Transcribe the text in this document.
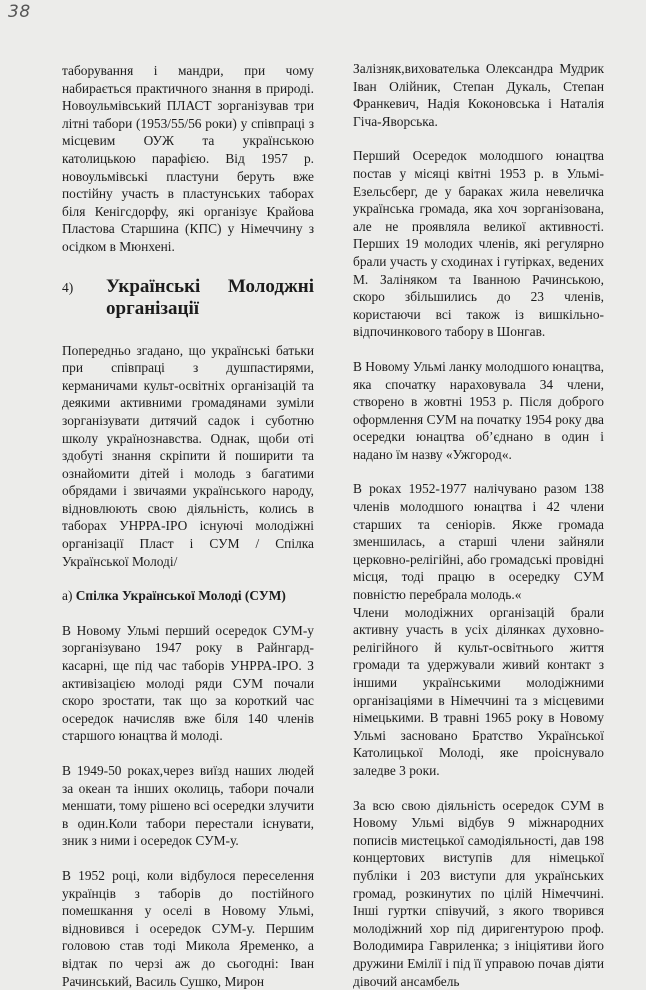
38

таборування і мандри, при чому набирається практичного знання в природі. Новоульмівський ПЛАСТ зорганізував три літні табори (1953/55/56 роки) у співпраці з місцевим ОУЖ та українською католицькою парафією. Від 1957 р. новоульмівські пластуни беруть вже постійну участь в пластунських таборах біля Кенігсдорфу, які організує Крайова Пластова Старшина (КПС) у Німеччину з осідком в Мюнхені.

4)	Українські Молоджні організації

Попередньо згадано, що українські батьки при співпраці з душпастирями, керманичами культ-освітніх організацій та деякими активними громадянами зуміли зорганізувати дитячий садок і суботню школу українознавства. Однак, щоби оті здобуті знання скріпити й поширити та ознайомити дітей і молодь з багатими обрядами і звичаями українського народу, відновлюють свою діяльність, колись в таборах УНРРА-ІРО існуючі молодіжні організації Пласт і СУМ / Спілка Української Молоді/

а) Спілка Української Молоді (СУМ)

В Новому Ульмі перший осередок СУМ-у зорганізувано 1947 року в Райнгард-касарні, ще під час таборів УНРРА-ІРО. З активізацією молоді ряди СУМ почали скоро зростати, так що за короткий час осередок начисляв вже біля 140 членів старшого юнацтва й молоді.

В 1949-50 роках,через виїзд наших людей за океан та інших околиць, табори почали меншати, тому рішено всі осередки злучити в один.Коли табори перестали існувати, зник з ними і осередок СУМ-у.

В 1952 році, коли відбулося переселення українців з таборів до постійного помешкання у оселі в Новому Ульмі, відновився і осередок СУМ-у. Першим головою став тоді Микола Яременко, а відтак по черзі аж до сьогодні: Іван Рачинський, Василь Сушко, Мирон

Залізняк,вихователька Олександра Мудрик Іван Олійник, Степан Дукаль, Степан Франкевич, Надія Коконовська і Наталія Гіча-Яворська.

Перший Осередок молодшого юнацтва постав у місяці квітні 1953 р. в Ульмі-Езельсберг, де у бараках жила невеличка українська громада, яка хоч зорганізована, але не проявляла великої активності. Перших 19 молодих членів, які регулярно брали участь у сходинах і гутірках, ведених М. Заліняком та Іванною Рачинською, скоро збільшились до 23 членів, користаючи всі також із вишкільно-відпочинкового табору в Шонгав.

В Новому Ульмі ланку молодшого юнацтва, яка спочатку нараховувала 34 члени, створено в жовтні 1953 р. Після доброго оформлення СУМ на початку 1954 року два осередки юнацтва об’єднано в один і надано їм назву «Ужгород«.

В роках 1952-1977 налічувано разом 138 членів молодшого юнацтва і 42 члени старших та сеніорів. Якже громада зменшилась, а старші члени зайняли церковно-релігійні, або громадські провідні місця, тоді працю в осередку СУМ повністю перебрала молодь.«

Члени молодіжних організацій брали активну участь в усіх ділянках духовно-релігійного й культ-освітнього життя громади та удержували живий контакт з іншими українськими молодіжними організаціями в Німеччині та з місцевими німецькими. В травні 1965 року в Новому Ульмі засновано Братство Української Католицької Молоді, яке проіснувало заледве 3 роки.

За всю свою діяльність осередок СУМ в Новому Ульмі відбув 9 міжнародних пописів мистецької самодіяльності, дав 198 концертових виступів для німецької публіки і 203 виступи для українських громад, розкинутих по цілій Німеччині. Інші гуртки співучий, з якого творився молодіжний хор під диригентурою проф. Володимира Гавриленка; з ініціятиви його дружини Емілії і під її управою почав діяти дівочий ансамбель
